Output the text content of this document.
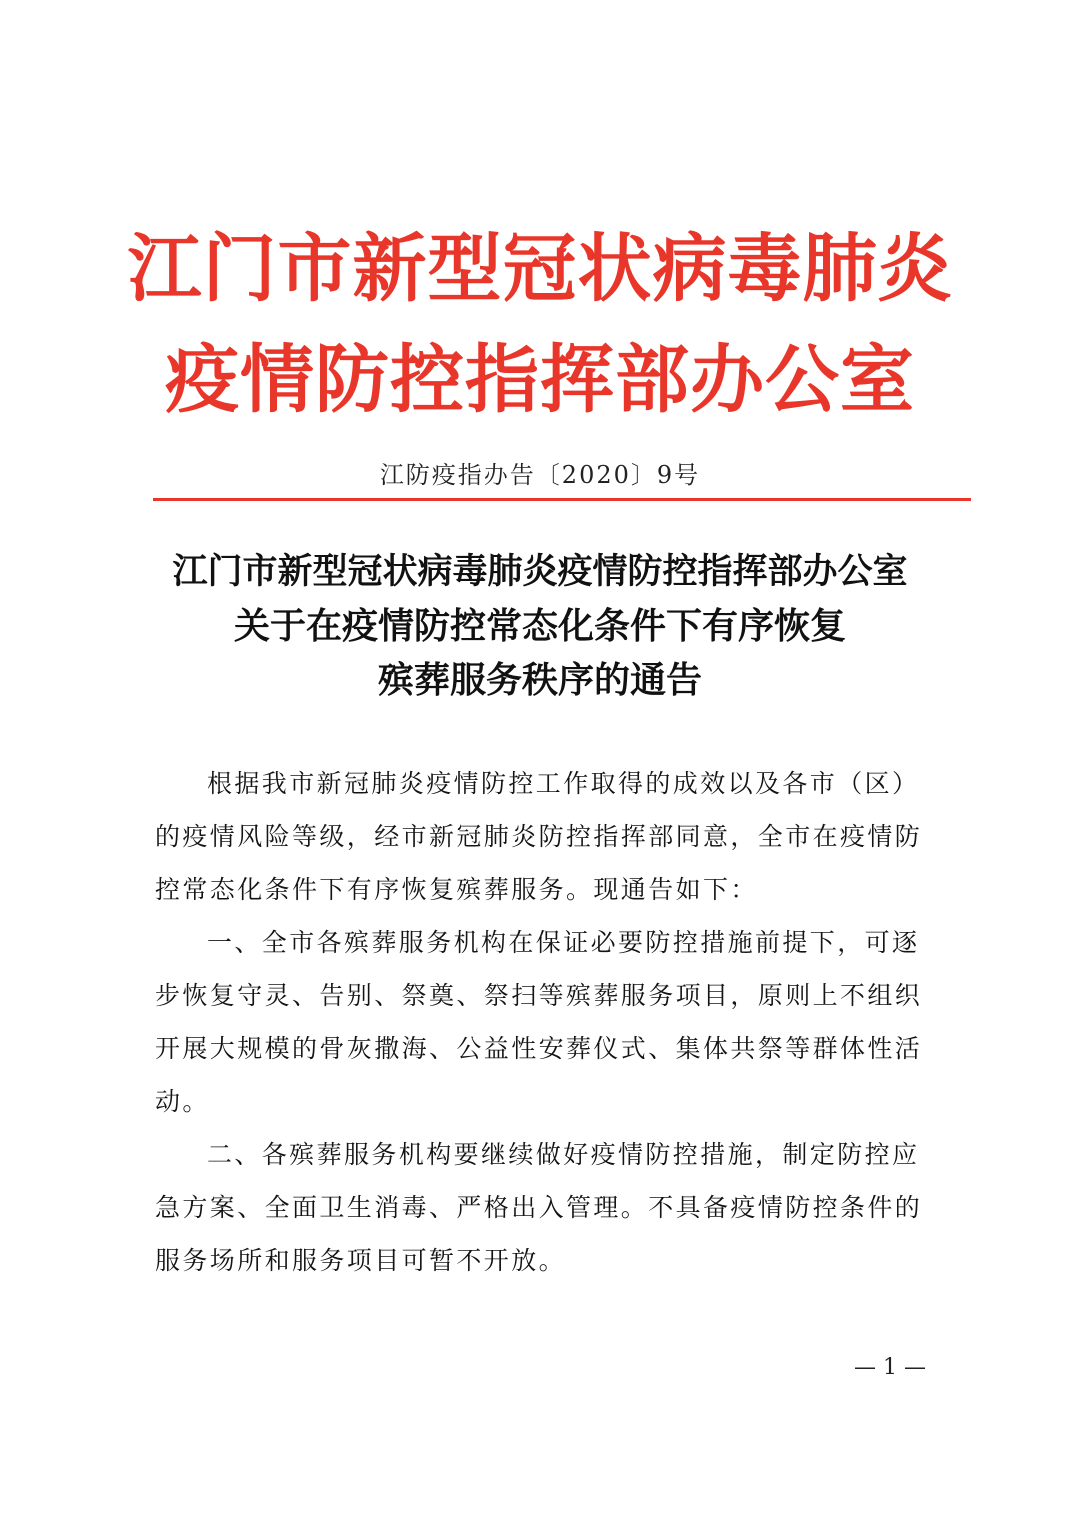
江门市新型冠状病毒肺炎
疫情防控指挥部办公室
江防疫指办告〔2020〕9号
江门市新型冠状病毒肺炎疫情防控指挥部办公室
关于在疫情防控常态化条件下有序恢复
殡葬服务秩序的通告
根据我市新冠肺炎疫情防控工作取得的成效以及各市（区）
的疫情风险等级，经市新冠肺炎防控指挥部同意，全市在疫情防
控常态化条件下有序恢复殡葬服务。现通告如下：
一、全市各殡葬服务机构在保证必要防控措施前提下，可逐
步恢复守灵、告别、祭奠、祭扫等殡葬服务项目，原则上不组织
开展大规模的骨灰撒海、公益性安葬仪式、集体共祭等群体性活
动。
二、各殡葬服务机构要继续做好疫情防控措施，制定防控应
急方案、全面卫生消毒、严格出入管理。不具备疫情防控条件的
服务场所和服务项目可暂不开放。
— 1 —
